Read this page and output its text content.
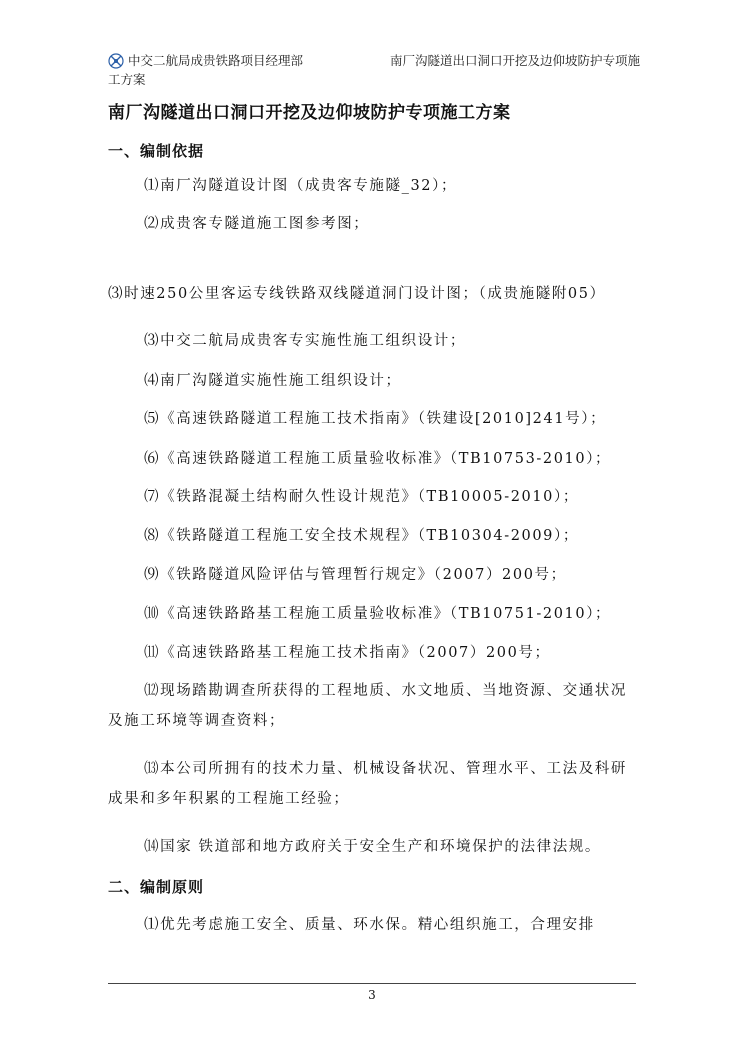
中交二航局成贵铁路项目经理部	南厂沟隧道出口洞口开挖及边仰坡防护专项施
工方案
南厂沟隧道出口洞口开挖及边仰坡防护专项施工方案
一、编制依据
⑴南厂沟隧道设计图（成贵客专施隧_32）；
⑵成贵客专隧道施工图参考图；
⑶时速250公里客运专线铁路双线隧道洞门设计图；（成贵施隧附05）
⑶中交二航局成贵客专实施性施工组织设计；
⑷南厂沟隧道实施性施工组织设计；
⑸《高速铁路隧道工程施工技术指南》（铁建设[2010]241号）；
⑹《高速铁路隧道工程施工质量验收标准》（TB10753-2010）；
⑺《铁路混凝土结构耐久性设计规范》（TB10005-2010）；
⑻《铁路隧道工程施工安全技术规程》（TB10304-2009）；
⑼《铁路隧道风险评估与管理暂行规定》（2007）200号；
⑽《高速铁路路基工程施工质量验收标准》（TB10751-2010）；
⑾《高速铁路路基工程施工技术指南》（2007）200号；
⑿现场踏勘调查所获得的工程地质、水文地质、当地资源、交通状况及施工环境等调查资料；
⒀本公司所拥有的技术力量、机械设备状况、管理水平、工法及科研成果和多年积累的工程施工经验；
⒁国家 铁道部和地方政府关于安全生产和环境保护的法律法规。
二、编制原则
⑴优先考虑施工安全、质量、环水保。精心组织施工，合理安排
3
